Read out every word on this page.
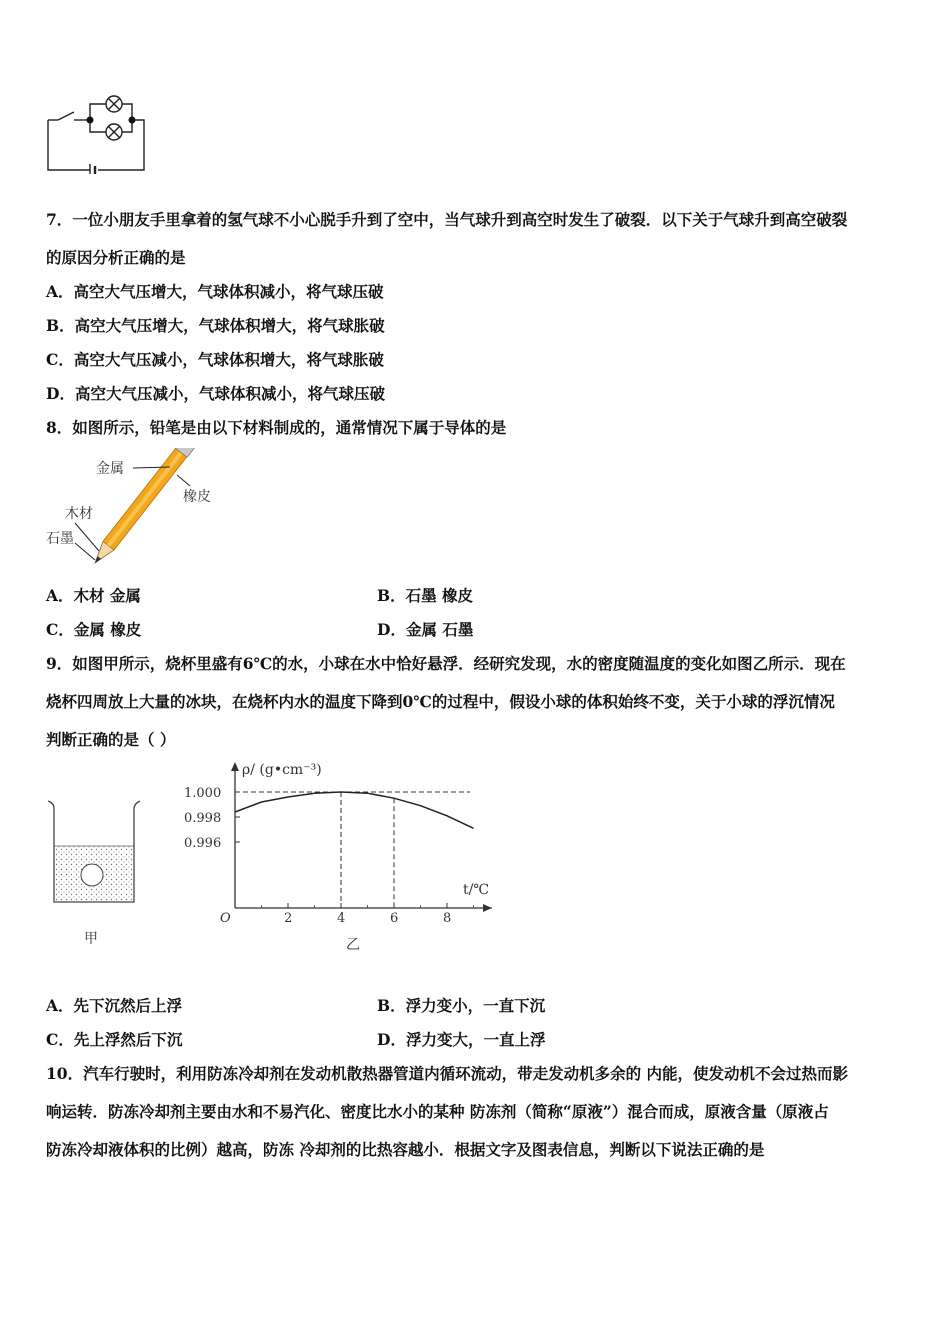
7．一位小朋友手里拿着的氢气球不小心脱手升到了空中，当气球升到高空时发生了破裂．以下关于气球升到高空破裂
的原因分析正确的是
A．高空大气压增大，气球体积减小，将气球压破
B．高空大气压增大，气球体积增大，将气球胀破
C．高空大气压减小，气球体积增大，将气球胀破
D．高空大气压减小，气球体积减小，将气球压破
8．如图所示，铅笔是由以下材料制成的，通常情况下属于导体的是
金属
橡皮
木材
石墨
A．木材 金属	B．石墨 橡皮
C．金属 橡皮	D．金属 石墨
9．如图甲所示，烧杯里盛有6℃的水，小球在水中恰好悬浮．经研究发现，水的密度随温度的变化如图乙所示．现在
烧杯四周放上大量的冰块，在烧杯内水的温度下降到0℃的过程中，假设小球的体积始终不变，关于小球的浮沉情况
判断正确的是（ ）
甲
O
ρ/ (g•cm⁻³)
t/℃
2	4	6	8
1.000
0.998
0.996
乙
A．先下沉然后上浮	B．浮力变小，一直下沉
C．先上浮然后下沉	D．浮力变大，一直上浮
10．汽车行驶时，利用防冻冷却剂在发动机散热器管道内循环流动，带走发动机多余的 内能，使发动机不会过热而影
响运转．防冻冷却剂主要由水和不易汽化、密度比水小的某种 防冻剂（简称“原液”）混合而成，原液含量（原液占
防冻冷却液体积的比例）越高，防冻 冷却剂的比热容越小．根据文字及图表信息，判断以下说法正确的是
